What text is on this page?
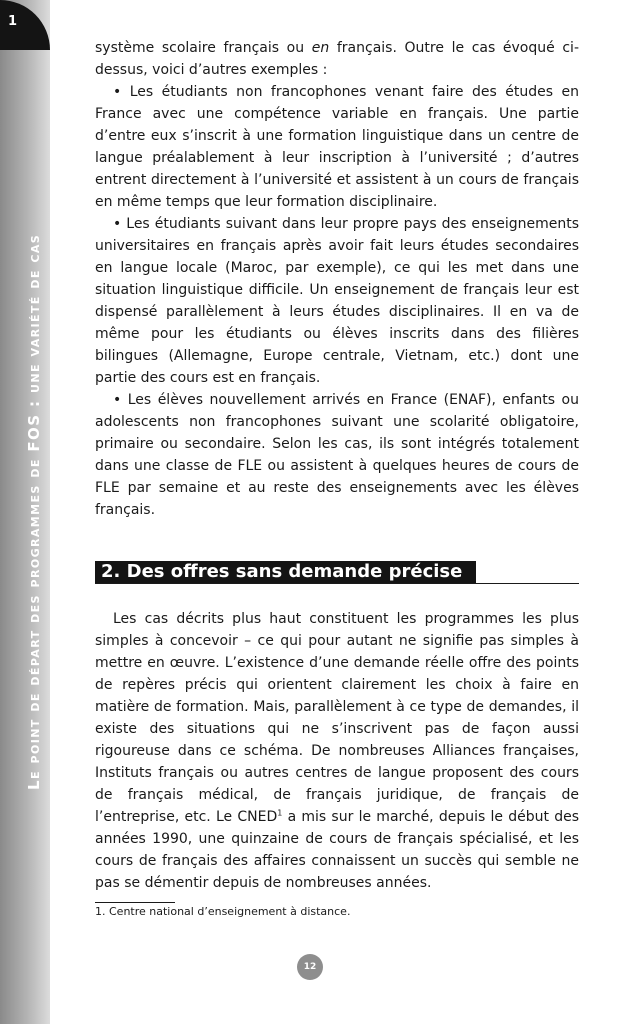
1
Le point de départ des programmes de FOS : une variété de cas

système scolaire français ou en français. Outre le cas évoqué ci-dessus, voici d’autres exemples :

• Les étudiants non francophones venant faire des études en France avec une compétence variable en français. Une partie d’entre eux s’inscrit à une formation linguistique dans un centre de langue préalablement à leur inscription à l’université ; d’autres entrent directement à l’université et assistent à un cours de français en même temps que leur formation disciplinaire.

• Les étudiants suivant dans leur propre pays des enseignements universitaires en français après avoir fait leurs études secondaires en langue locale (Maroc, par exemple), ce qui les met dans une situation linguistique difficile. Un enseignement de français leur est dispensé parallèlement à leurs études disciplinaires. Il en va de même pour les étudiants ou élèves inscrits dans des filières bilingues (Allemagne, Europe centrale, Vietnam, etc.) dont une partie des cours est en français.

• Les élèves nouvellement arrivés en France (ENAF), enfants ou adolescents non francophones suivant une scolarité obligatoire, primaire ou secondaire. Selon les cas, ils sont intégrés totalement dans une classe de FLE ou assistent à quelques heures de cours de FLE par semaine et au reste des enseignements avec les élèves français.

2. Des offres sans demande précise

Les cas décrits plus haut constituent les programmes les plus simples à concevoir – ce qui pour autant ne signifie pas simples à mettre en œuvre. L’existence d’une demande réelle offre des points de repères précis qui orientent clairement les choix à faire en matière de formation. Mais, parallèlement à ce type de demandes, il existe des situations qui ne s’inscrivent pas de façon aussi rigoureuse dans ce schéma. De nombreuses Alliances françaises, Instituts français ou autres centres de langue proposent des cours de français médical, de français juridique, de français de l’entreprise, etc. Le CNED$^1$ a mis sur le marché, depuis le début des années 1990, une quinzaine de cours de français spécialisé, et les cours de français des affaires connaissent un succès qui semble ne pas se démentir depuis de nombreuses années.

1. Centre national d’enseignement à distance.
12
